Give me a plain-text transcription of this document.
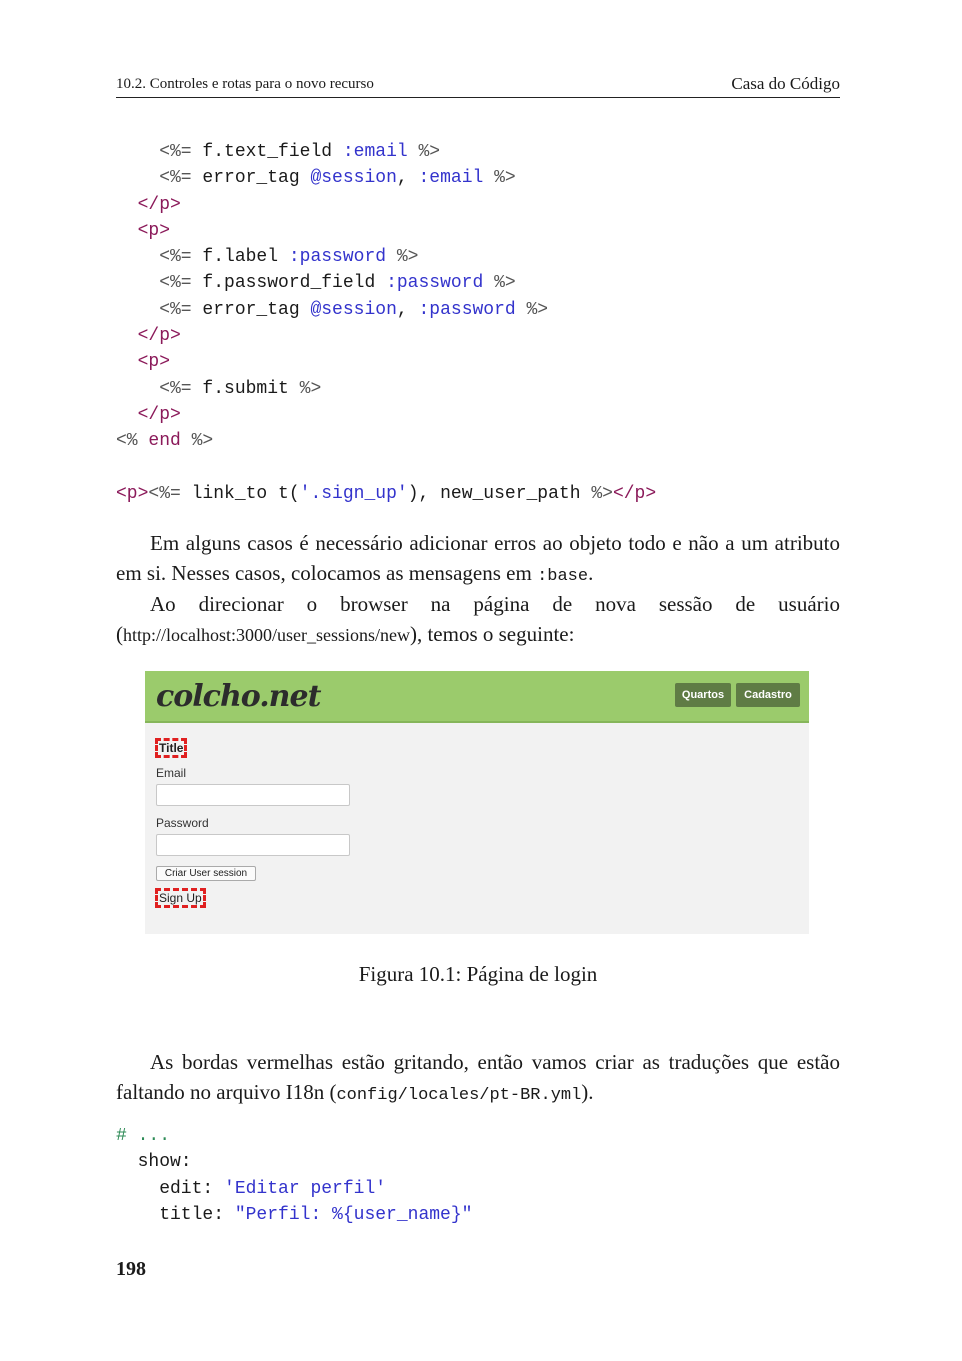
10.2. Controles e rotas para o novo recurso	Casa do Código
<%= f.text_field :email %>
<%= error_tag @session, :email %>
</p>
<p>
<%= f.label :password %>
<%= f.password_field :password %>
<%= error_tag @session, :password %>
</p>
<p>
<%= f.submit %>
</p>
<% end %>
<p><%= link_to t('.sign_up'), new_user_path %></p>

Em alguns casos é necessário adicionar erros ao objeto todo e não a um atributo em si. Nesses casos, colocamos as mensagens em :base.

Ao direcionar o browser na página de nova sessão de usuário (http://localhost:3000/user_sessions/new), temos o seguinte:

colcho.net	Quartos	Cadastro
Title
Email
Password
Criar User session
Sign Up
Figura 10.1: Página de login

As bordas vermelhas estão gritando, então vamos criar as traduções que estão faltando no arquivo I18n (config/locales/pt-BR.yml).

# ...
show:
edit: 'Editar perfil'
title: "Perfil: %{user_name}"
198
